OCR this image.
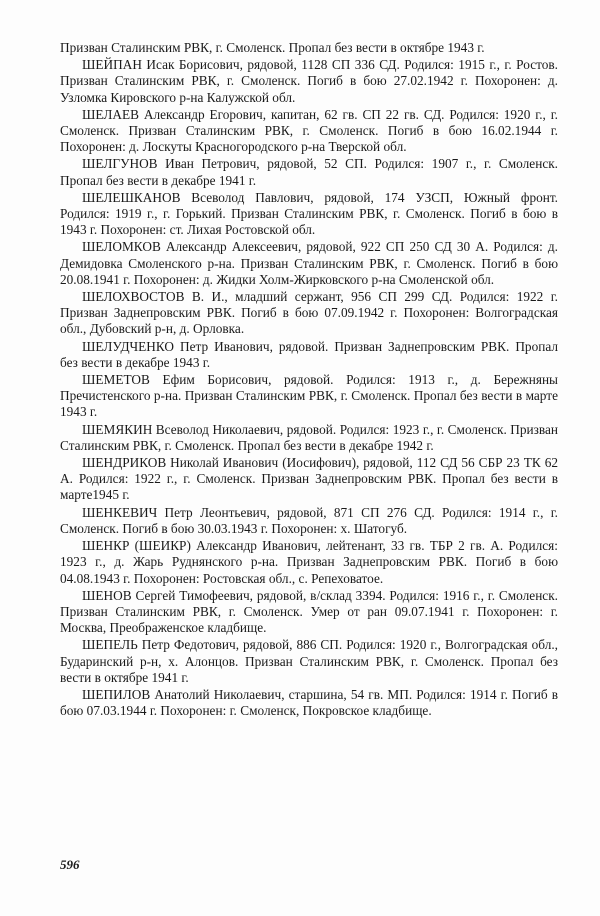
Призван Сталинским РВК, г. Смоленск. Пропал без вести в октябре 1943 г.

ШЕЙПАН Исак Борисович, рядовой, 1128 СП 336 СД. Родился: 1915 г., г. Ростов. Призван Сталинским РВК, г. Смоленск. Погиб в бою 27.02.1942 г. Похоронен: д. Узломка Кировского р-на Калужской обл.

ШЕЛАЕВ Александр Егорович, капитан, 62 гв. СП 22 гв. СД. Родился: 1920 г., г. Смоленск. Призван Сталинским РВК, г. Смоленск. Погиб в бою 16.02.1944 г. Похоронен: д. Лоскуты Красногородского р-на Тверской обл.

ШЕЛГУНОВ Иван Петрович, рядовой, 52 СП. Родился: 1907 г., г. Смоленск. Пропал без вести в декабре 1941 г.

ШЕЛЕШКАНОВ Всеволод Павлович, рядовой, 174 УЗСП, Южный фронт. Родился: 1919 г., г. Горький. Призван Сталинским РВК, г. Смоленск. Погиб в бою в 1943 г. Похоронен: ст. Лихая Ростовской обл.

ШЕЛОМКОВ Александр Алексеевич, рядовой, 922 СП 250 СД 30 А. Родился: д. Демидовка Смоленского р-на. Призван Сталинским РВК, г. Смоленск. Погиб в бою 20.08.1941 г. Похоронен: д. Жидки Холм-Жирковского р-на Смоленской обл.

ШЕЛОХВОСТОВ В. И., младший сержант, 956 СП 299 СД. Родился: 1922 г. Призван Заднепровским РВК. Погиб в бою 07.09.1942 г. Похоронен: Волгоградская обл., Дубовский р-н, д. Орловка.

ШЕЛУДЧЕНКО Петр Иванович, рядовой. Призван Заднепровским РВК. Пропал без вести в декабре 1943 г.

ШЕМЕТОВ Ефим Борисович, рядовой. Родился: 1913 г., д. Бережняны Пречистенского р-на. Призван Сталинским РВК, г. Смоленск. Пропал без вести в марте 1943 г.

ШЕМЯКИН Всеволод Николаевич, рядовой. Родился: 1923 г., г. Смоленск. Призван Сталинским РВК, г. Смоленск. Пропал без вести в декабре 1942 г.

ШЕНДРИКОВ Николай Иванович (Иосифович), рядовой, 112 СД 56 СБР 23 ТК 62 А. Родился: 1922 г., г. Смоленск. Призван Заднепровским РВК. Пропал без вести в марте1945 г.

ШЕНКЕВИЧ Петр Леонтьевич, рядовой, 871 СП 276 СД. Родился: 1914 г., г. Смоленск. Погиб в бою 30.03.1943 г. Похоронен: х. Шатогуб.

ШЕНКР (ШЕИКР) Александр Иванович, лейтенант, 33 гв. ТБР 2 гв. А. Родился: 1923 г., д. Жарь Руднянского р-на. Призван Заднепровским РВК. Погиб в бою 04.08.1943 г. Похоронен: Ростовская обл., с. Репеховатое.

ШЕНОВ Сергей Тимофеевич, рядовой, в/склад 3394. Родился: 1916 г., г. Смоленск. Призван Сталинским РВК, г. Смоленск. Умер от ран 09.07.1941 г. Похоронен: г. Москва, Преображенское кладбище.

ШЕПЕЛЬ Петр Федотович, рядовой, 886 СП. Родился: 1920 г., Волгоградская обл., Бударинский р-н, х. Алонцов. Призван Сталинским РВК, г. Смоленск. Пропал без вести в октябре 1941 г.

ШЕПИЛОВ Анатолий Николаевич, старшина, 54 гв. МП. Родился: 1914 г. Погиб в бою 07.03.1944 г. Похоронен: г. Смоленск, Покровское кладбище.

596
